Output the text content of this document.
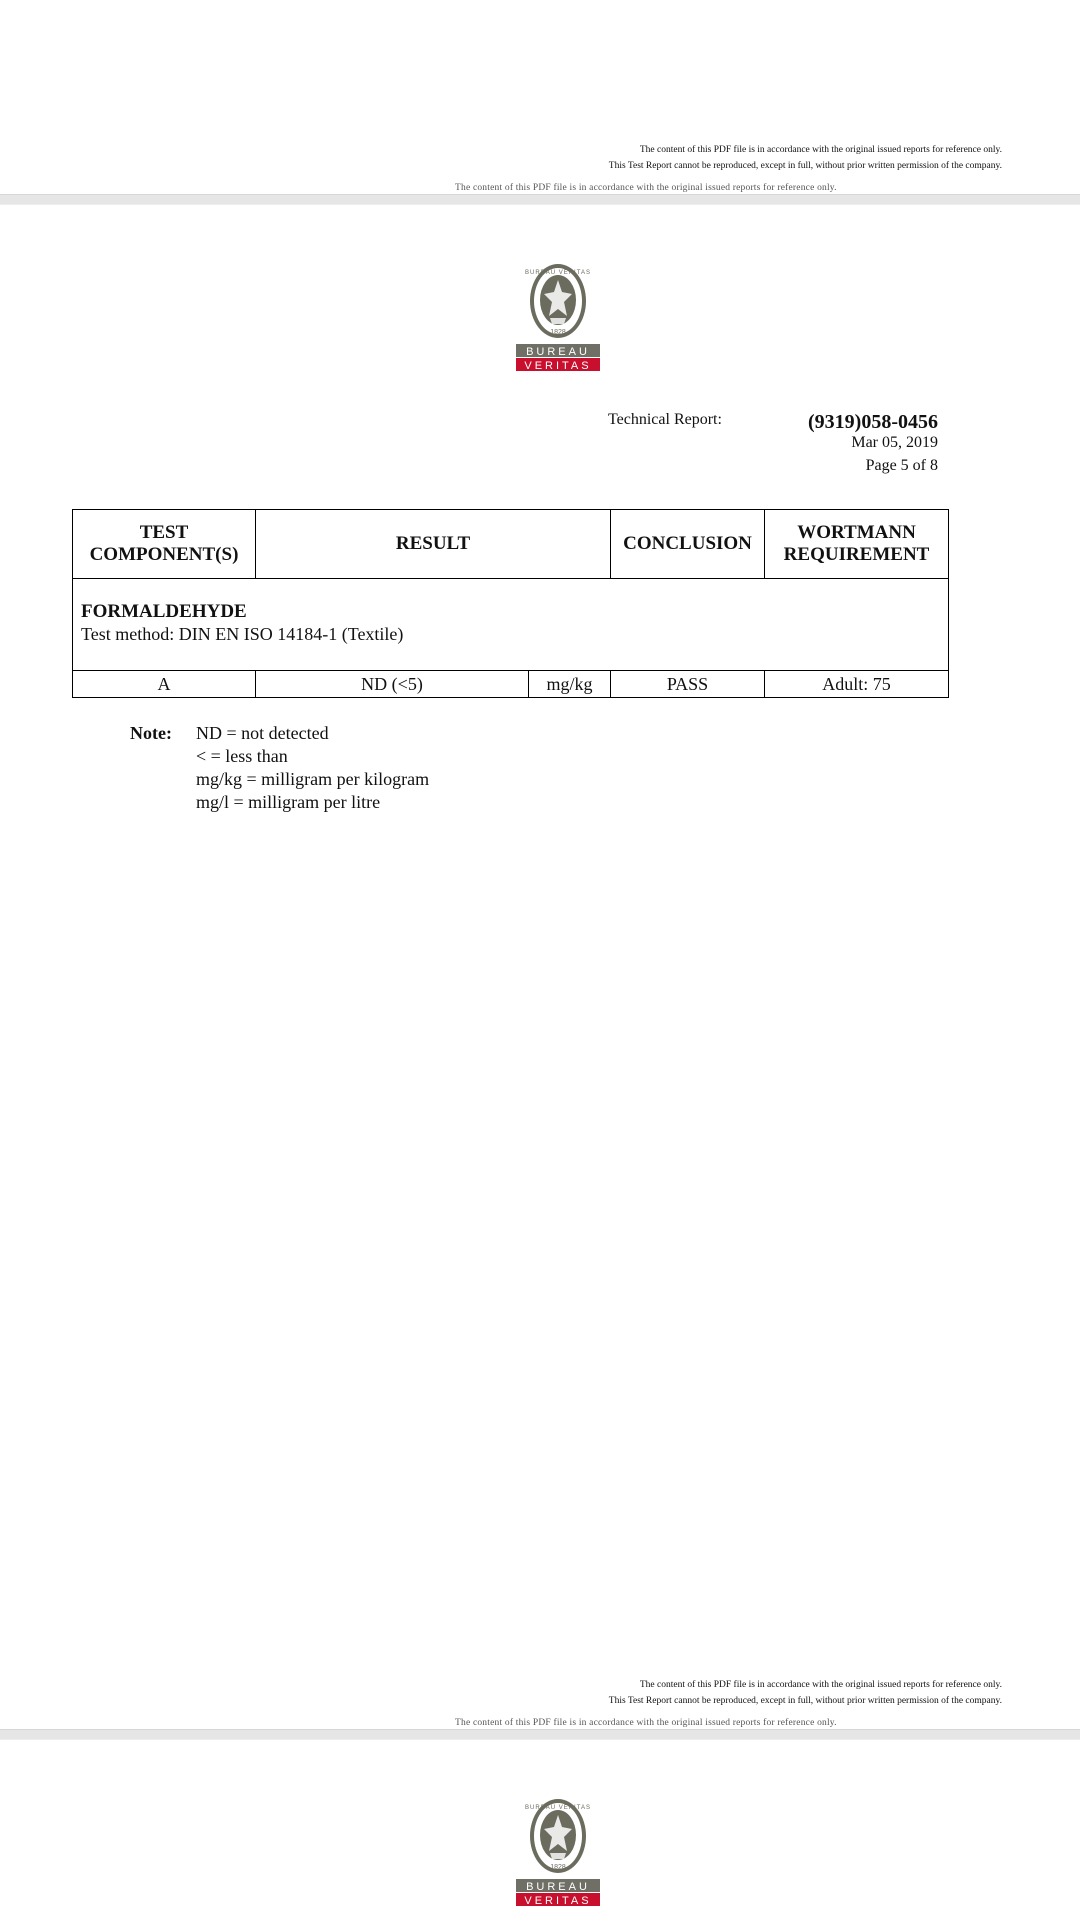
The content of this PDF file is in accordance with the original issued reports for reference only.
This Test Report cannot be reproduced, except in full, without prior written permission of the company.
The content of this PDF file is in accordance with the original issued reports for reference only.
BUREAU VERITAS
1828
BUREAU
VERITAS
Technical Report:	(9319)058-0456
Mar 05, 2019
Page 5 of 8
TEST
COMPONENT(S)	RESULT		CONCLUSION	WORTMANN
REQUIREMENT

FORMALDEHYDE
Test method: DIN EN ISO 14184-1 (Textile)				

A	ND (<5)	mg/kg	PASS	Adult: 75
Note: ND = not detected
< = less than
mg/kg = milligram per kilogram
mg/l = milligram per litre
The content of this PDF file is in accordance with the original issued reports for reference only.
This Test Report cannot be reproduced, except in full, without prior written permission of the company.
The content of this PDF file is in accordance with the original issued reports for reference only.
BUREAU VERITAS
1828
BUREAU
VERITAS
